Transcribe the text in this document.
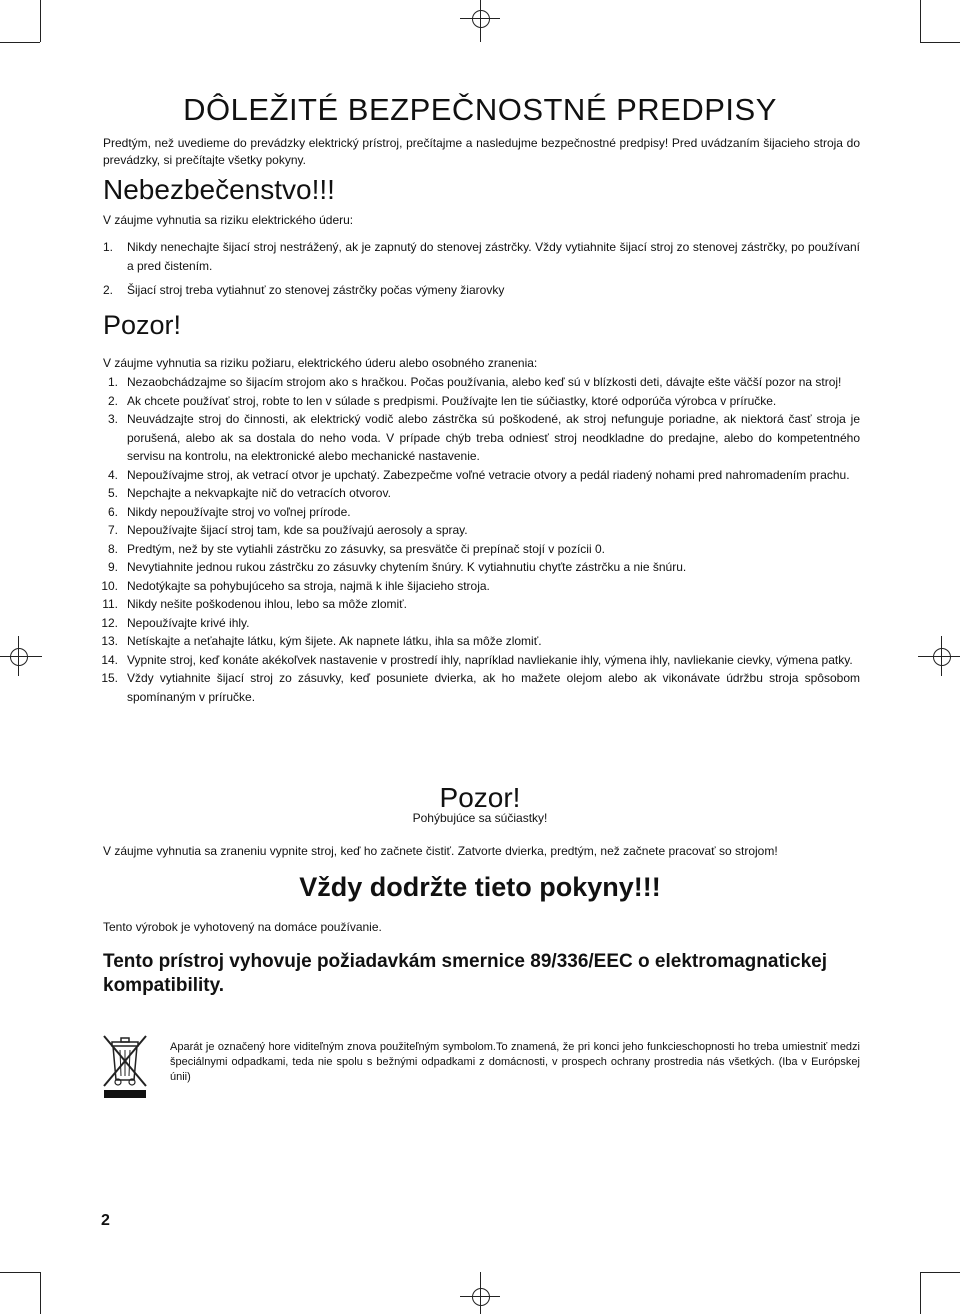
DÔLEŽITÉ BEZPEČNOSTNÉ PREDPISY

Predtým, než uvedieme do prevádzky elektrický prístroj, prečítajme a nasledujme bezpečnostné predpisy! Pred uvádzaním šijacieho stroja do prevádzky, si prečítajte všetky pokyny.

Nebezbečenstvo!!!

V záujme vyhnutia sa riziku elektrického úderu:

1.	Nikdy nenechajte šijací stroj nestrážený, ak je zapnutý do stenovej zástrčky. Vždy vytiahnite šijací stroj zo stenovej zástrčky, po používaní a pred čistením.
2.	Šijací stroj treba vytiahnuť zo stenovej zástrčky počas výmeny žiarovky
Pozor!

V záujme vyhnutia sa riziku požiaru, elektrického úderu alebo osobného zranenia:

1. Nezaobchádzajme so šijacím strojom ako s hračkou. Počas používania, alebo keď sú v blízkosti deti, dávajte ešte väčší pozor na stroj!
2. Ak chcete používať stroj, robte to len v súlade s predpismi. Používajte len tie súčiastky, ktoré odporúča výrobca v príručke.
3. Neuvádzajte stroj do činnosti, ak elektrický vodič alebo zástrčka sú poškodené, ak stroj nefunguje poriadne, ak niektorá časť stroja je porušená, alebo ak sa dostala do neho voda. V prípade chýb treba odniesť stroj neodkladne do predajne, alebo do kompetentného servisu na kontrolu, na elektronické alebo mechanické nastavenie.
4. Nepoužívajme stroj, ak vetrací otvor je upchatý. Zabezpečme voľné vetracie otvory a pedál riadený nohami pred nahromadením prachu.
5. Nepchajte a nekvapkajte nič do vetracích otvorov.
6. Nikdy nepoužívajte stroj vo voľnej prírode.
7. Nepoužívajte šijací stroj tam, kde sa používajú aerosoly a spray.
8. Predtým, než by ste vytiahli zástrčku zo zásuvky, sa presvätče či prepínač stojí v pozícii 0.
9. Nevytiahnite jednou rukou zástrčku zo zásuvky chytením šnúry. K vytiahnutiu chyťte zástrčku a nie šnúru.
10. Nedotýkajte sa pohybujúceho sa stroja, najmä k ihle šijacieho stroja.
11. Nikdy nešite poškodenou ihlou, lebo sa môže zlomiť.
12. Nepoužívajte krivé ihly.
13. Netískajte a neťahajte látku, kým šijete. Ak napnete látku, ihla sa môže zlomiť.
14. Vypnite stroj, keď konáte akékoľvek nastavenie v prostredí ihly, napríklad navliekanie ihly, výmena ihly, navliekanie cievky, výmena patky.
15. Vždy vytiahnite šijací stroj zo zásuvky, keď posuniete dvierka, ak ho mažete olejom alebo ak vikonávate údržbu stroja spôsobom spomínaným v príručke.
Pozor!
Pohýbujúce sa súčiastky!

V záujme vyhnutia sa zraneniu vypnite stroj, keď ho začnete čistiť. Zatvorte dvierka, predtým, než začnete pracovať so strojom!

Vždy dodržte tieto pokyny!!!

Tento výrobok je vyhotovený na domáce používanie.

Tento prístroj vyhovuje požiadavkám smernice 89/336/EEC o elektromagnatickej kompatibility.

Aparát je označený hore viditeľným znova použiteľným symbolom.To znamená, že pri konci jeho funkcieschopnosti ho treba umiestniť medzi špeciálnymi odpadkami, teda nie spolu s bežnými odpadkami z domácnosti, v prospech ochrany prostredia nás všetkých. (Iba v Európskej únii)

2
